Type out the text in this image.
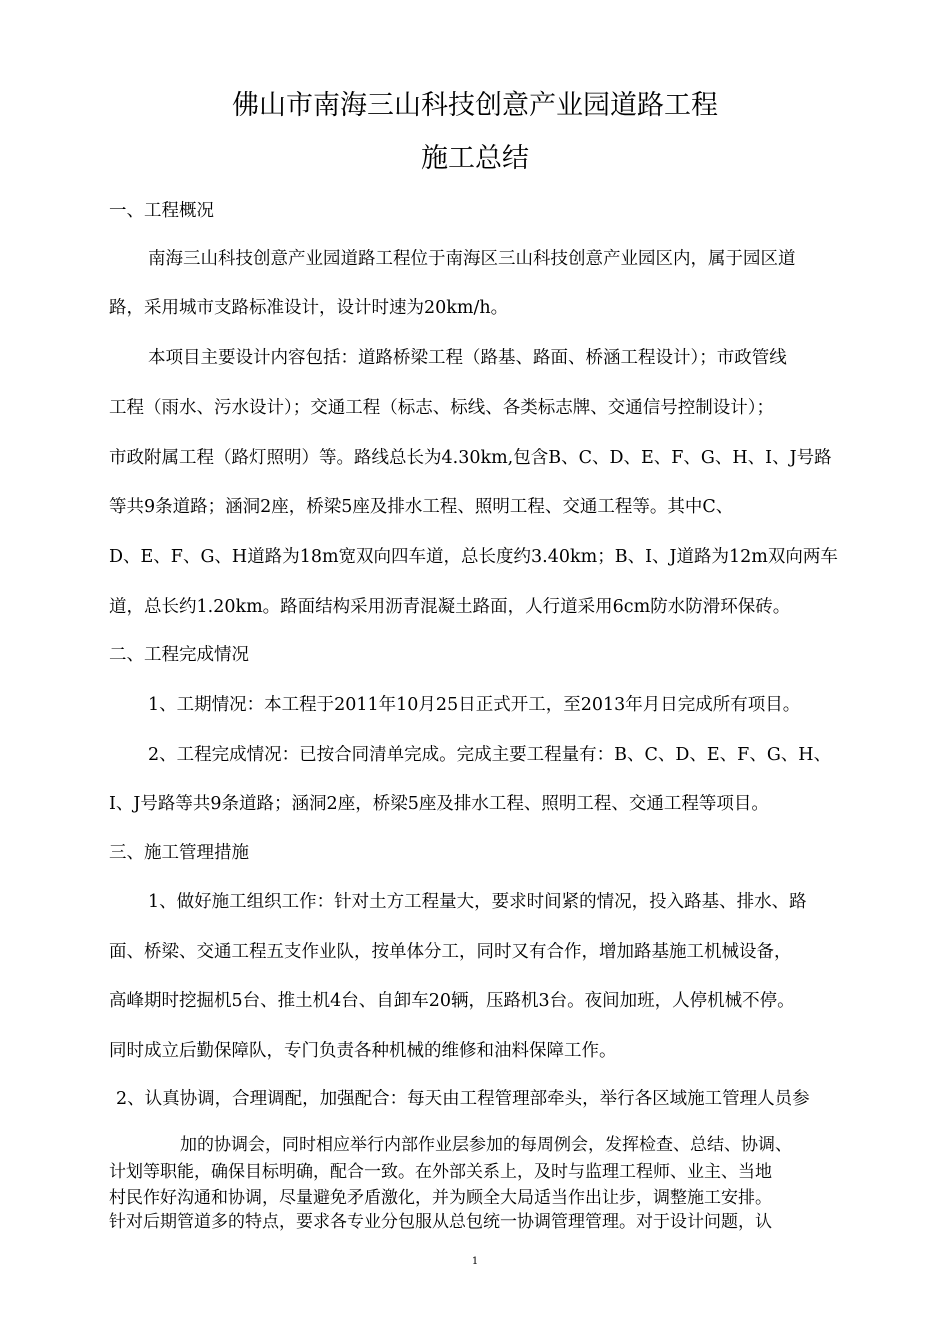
佛山市南海三山科技创意产业园道路工程
施工总结
一、工程概况
南海三山科技创意产业园道路工程位于南海区三山科技创意产业园区内，属于园区道
路，采用城市支路标准设计，设计时速为20km/h。
本项目主要设计内容包括：道路桥梁工程（路基、路面、桥涵工程设计）；市政管线
工程（雨水、污水设计）；交通工程（标志、标线、各类标志牌、交通信号控制设计）；
市政附属工程（路灯照明）等。路线总长为4.30km,包含B、C、D、E、F、G、H、I、J号路
等共9条道路；涵洞2座，桥梁5座及排水工程、照明工程、交通工程等。其中C、
D、E、F、G、H道路为18m宽双向四车道，总长度约3.40km；B、I、J道路为12m双向两车
道，总长约1.20km。路面结构采用沥青混凝土路面，人行道采用6cm防水防滑环保砖。
二、工程完成情况
1、工期情况：本工程于2011年10月25日正式开工，至2013年月日完成所有项目。
2、工程完成情况：已按合同清单完成。完成主要工程量有：B、C、D、E、F、G、H、
I、J号路等共9条道路；涵洞2座，桥梁5座及排水工程、照明工程、交通工程等项目。
三、施工管理措施
1、做好施工组织工作：针对土方工程量大，要求时间紧的情况，投入路基、排水、路
面、桥梁、交通工程五支作业队，按单体分工，同时又有合作，增加路基施工机械设备，
高峰期时挖掘机5台、推土机4台、自卸车20辆，压路机3台。夜间加班，人停机械不停。
同时成立后勤保障队，专门负责各种机械的维修和油料保障工作。
2、认真协调，合理调配，加强配合：每天由工程管理部牵头，举行各区域施工管理人员参
加的协调会，同时相应举行内部作业层参加的每周例会，发挥检查、总结、协调、
计划等职能，确保目标明确，配合一致。在外部关系上，及时与监理工程师、业主、当地
村民作好沟通和协调，尽量避免矛盾激化，并为顾全大局适当作出让步，调整施工安排。
针对后期管道多的特点，要求各专业分包服从总包统一协调管理管理。对于设计问题，认
1
